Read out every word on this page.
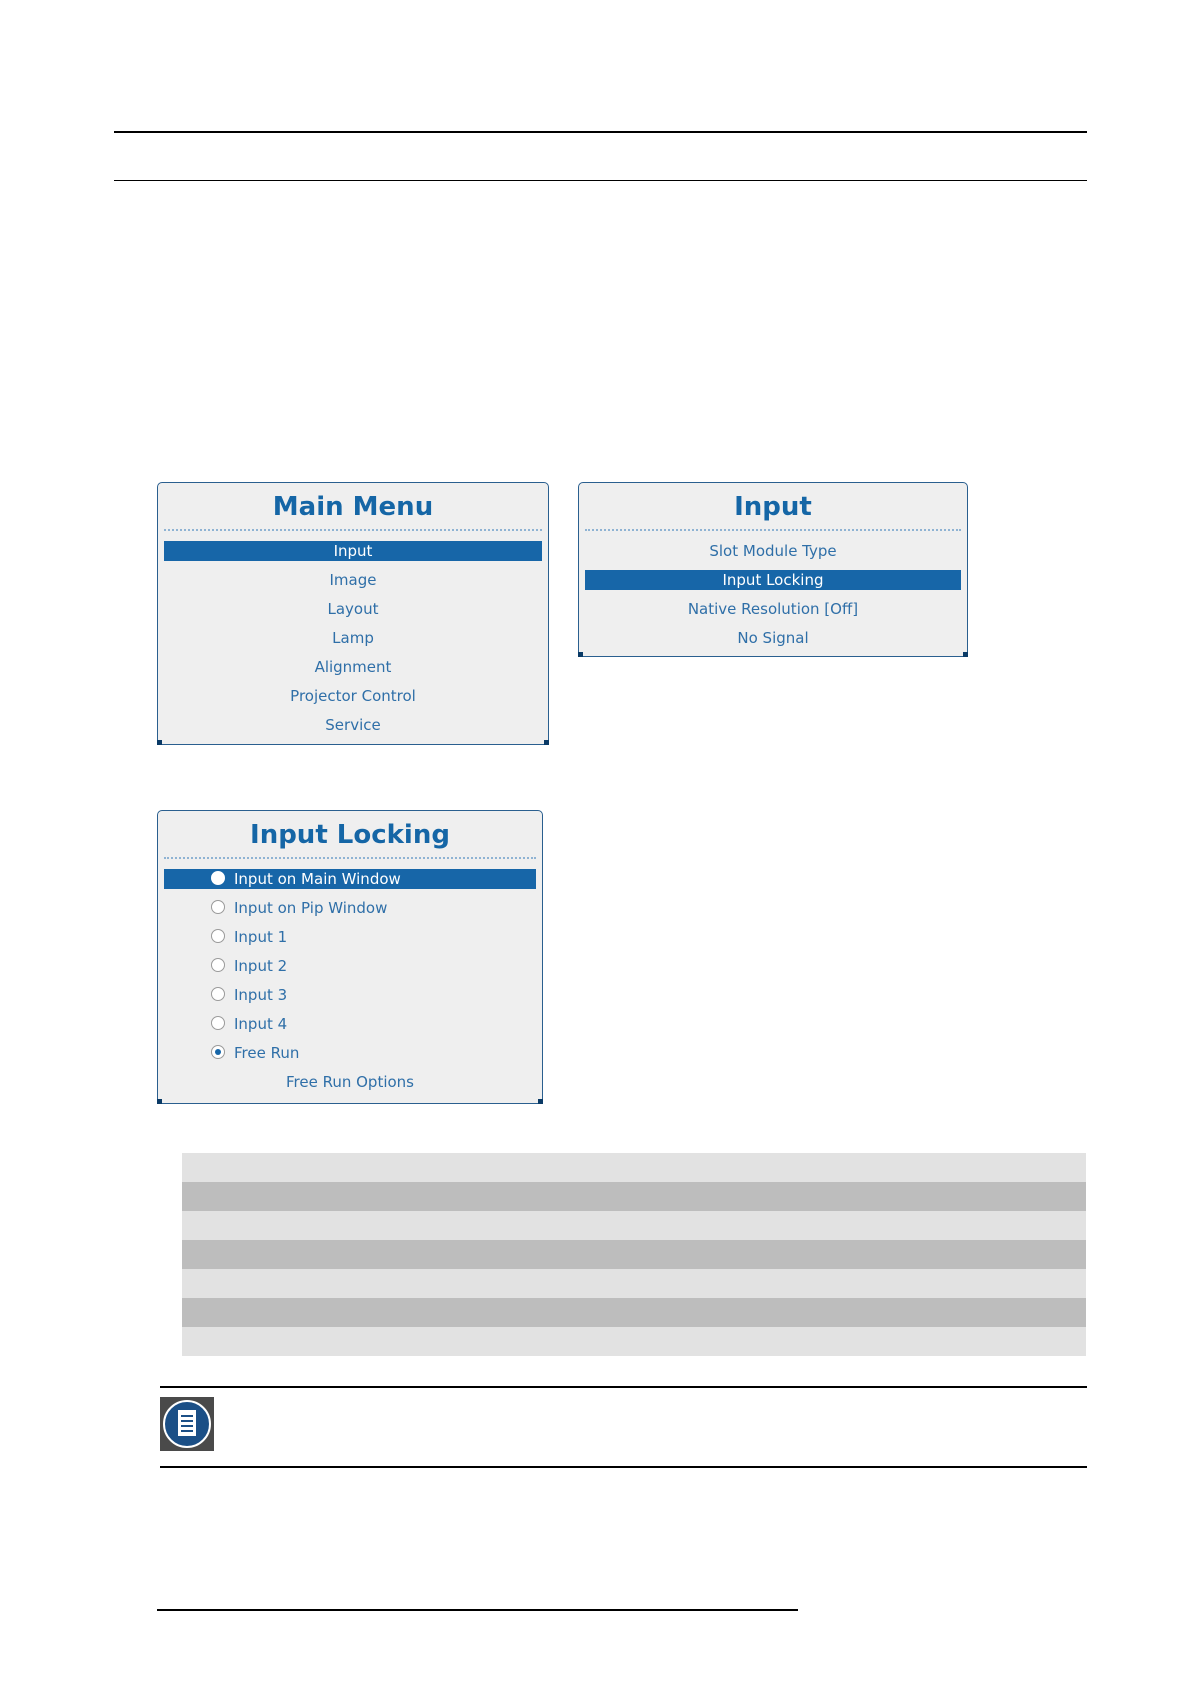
Main Menu
Input
Image
Layout
Lamp
Alignment
Projector Control
Service
Input
Slot Module Type
Input Locking
Native Resolution [Off]
No Signal
Input Locking
Input on Main Window
Input on Pip Window
Input 1
Input 2
Input 3
Input 4
Free Run
Free Run Options
